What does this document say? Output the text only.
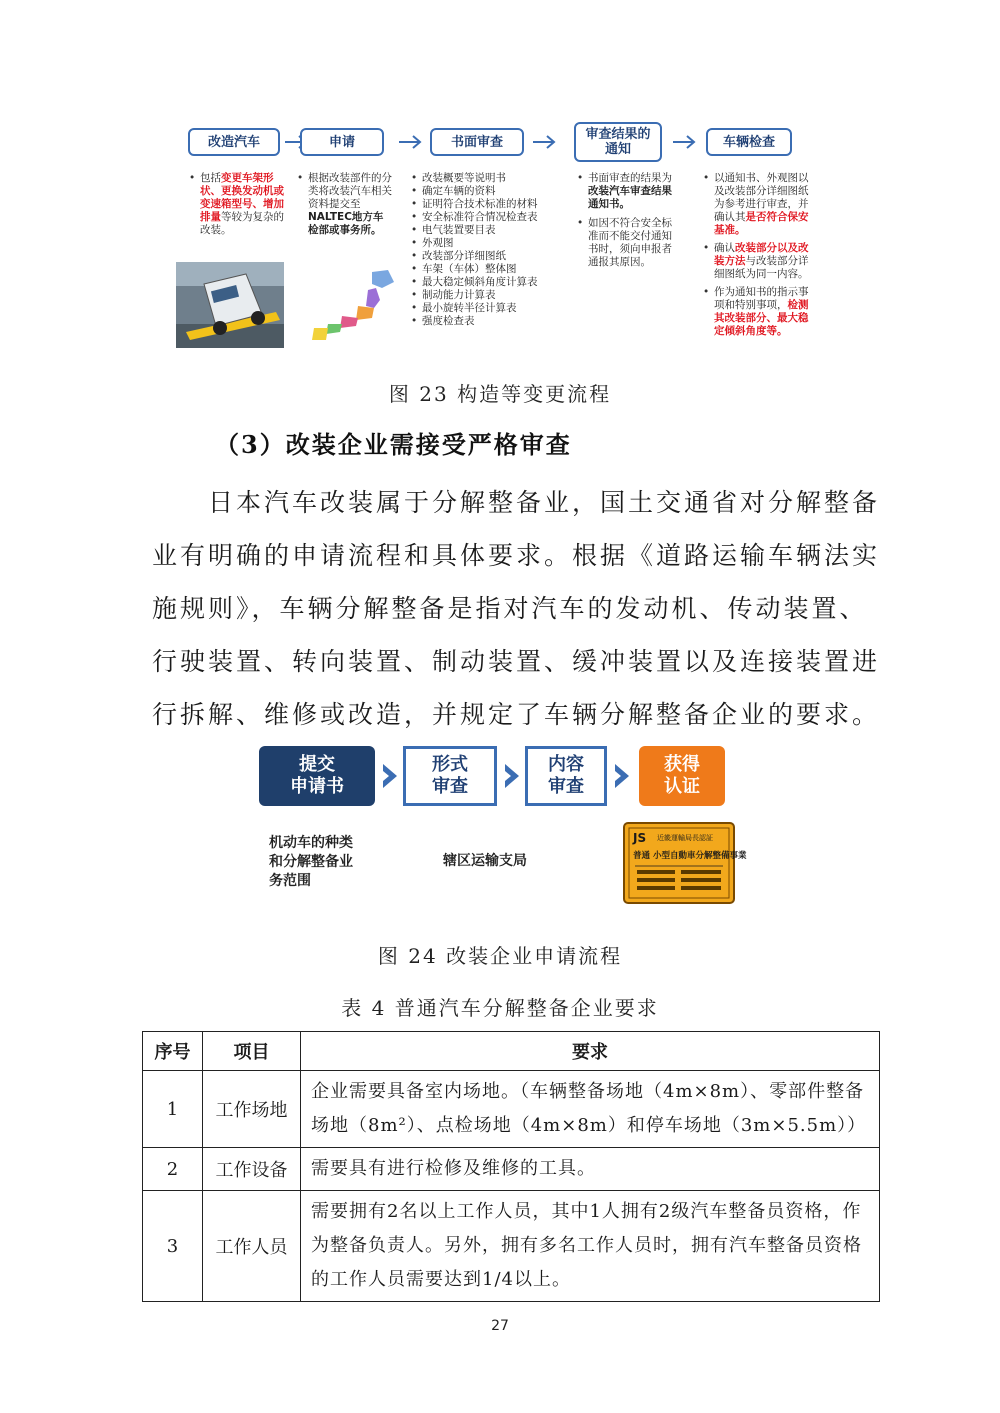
改造汽车	申请	书面审查	审查结果的
通知	车辆检查
• 包括变更车架形状、更换发动机或变速箱型号、增加排量等较为复杂的改装。
• 根据改装部件的分类将改装汽车相关资料提交至NALTEC地方车检部或事务所。
• 改装概要等说明书
• 确定车辆的资料
• 证明符合技术标准的材料
• 安全标准符合情况检查表
• 电气装置要目表
• 外观图
• 改装部分详细图纸
• 车架（车体）整体图
• 最大稳定倾斜角度计算表
• 制动能力计算表
• 最小旋转半径计算表
• 强度检查表
• 书面审查的结果为改装汽车审查结果通知书。
• 如因不符合安全标准而不能交付通知书时，须向申报者通报其原因。
• 以通知书、外观图以及改装部分详细图纸为参考进行审查，并确认其是否符合保安基准。
• 确认改装部分以及改装方法与改装部分详细图纸为同一内容。
• 作为通知书的指示事项和特别事项，检测其改装部分、最大稳定倾斜角度等。
图 23 构造等变更流程
（3）改装企业需接受严格审查
　　日本汽车改装属于分解整备业，国土交通省对分解整备
业有明确的申请流程和具体要求。根据《道路运输车辆法实
施规则》，车辆分解整备是指对汽车的发动机、传动装置、
行驶装置、转向装置、制动装置、缓冲装置以及连接装置进
行拆解、维修或改造，并规定了车辆分解整备企业的要求。
提交
申请书
形式
审查
内容
审查
获得
认证
机动车的种类
和分解整备业
务范围
辖区运输支局
JS 近畿運輸局長認証
普通 小型自動車分解整備事業
图 24 改装企业申请流程
表 4 普通汽车分解整备企业要求
序号	项目	要求
1	工作场地	企业需要具备室内场地。（车辆整备场地（4m×8m）、零部件整备场地（8m²）、点检场地（4m×8m）和停车场地（3m×5.5m））
2	工作设备	需要具有进行检修及维修的工具。
3	工作人员	需要拥有2名以上工作人员，其中1人拥有2级汽车整备员资格，作为整备负责人。另外，拥有多名工作人员时，拥有汽车整备员资格的工作人员需要达到1/4以上。
27
